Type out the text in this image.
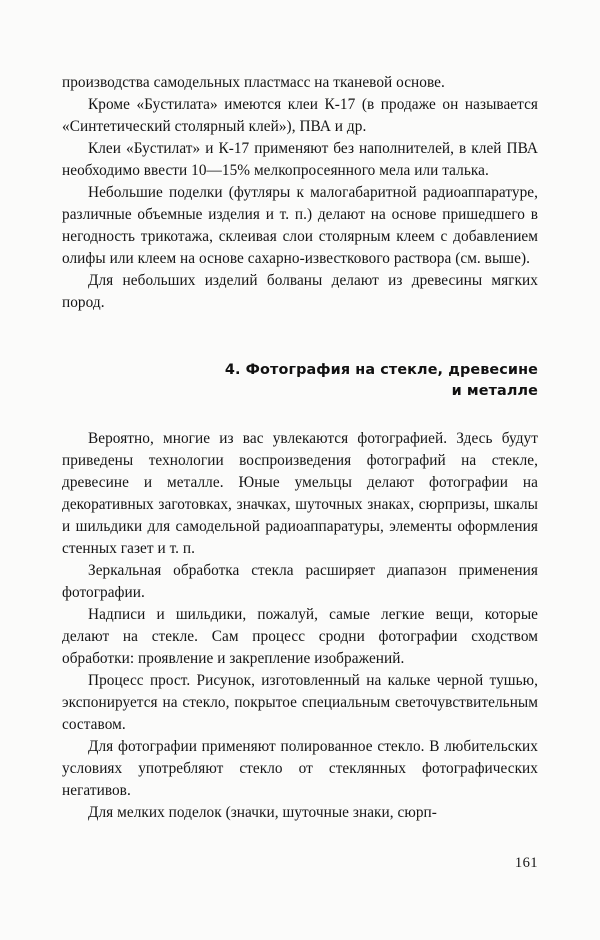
производства самодельных пластмасс на тканевой основе.

Кроме «Бустилата» имеются клеи К-17 (в продаже он называется «Синтетический столярный клей»), ПВА и др.

Клеи «Бустилат» и К-17 применяют без наполнителей, в клей ПВА необходимо ввести 10—15% мелкопросеянного мела или талька.

Небольшие поделки (футляры к малогабаритной радиоаппаратуре, различные объемные изделия и т. п.) делают на основе пришедшего в негодность трикотажа, склеивая слои столярным клеем с добавлением олифы или клеем на основе сахарно-известкового раствора (см. выше).

Для небольших изделий болваны делают из древесины мягких пород.

4. Фотография на стекле, древесине
и металле

Вероятно, многие из вас увлекаются фотографией. Здесь будут приведены технологии воспроизведения фотографий на стекле, древесине и металле. Юные умельцы делают фотографии на декоративных заготовках, значках, шуточных знаках, сюрпризы, шкалы и шильдики для самодельной радиоаппаратуры, элементы оформления стенных газет и т. п.

Зеркальная обработка стекла расширяет диапазон применения фотографии.

Надписи и шильдики, пожалуй, самые легкие вещи, которые делают на стекле. Сам процесс сродни фотографии сходством обработки: проявление и закрепление изображений.

Процесс прост. Рисунок, изготовленный на кальке черной тушью, экспонируется на стекло, покрытое специальным светочувствительным составом.

Для фотографии применяют полированное стекло. В любительских условиях употребляют стекло от стеклянных фотографических негативов.

Для мелких поделок (значки, шуточные знаки, сюрп-

161
